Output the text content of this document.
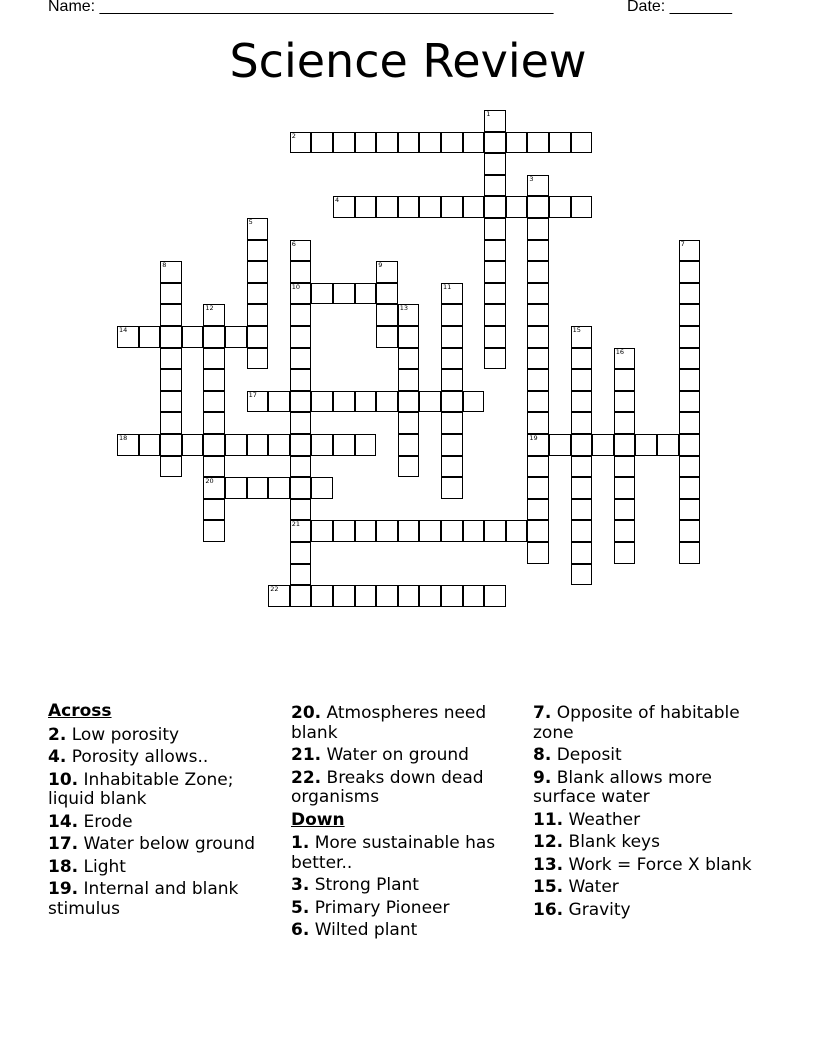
Name: ___________________________________________________	Date: _______
Science Review
1
2
3
4
5
6	7
8	9
10	11
12	13
14	15
16
17
18	19
20
21
22
Across
2. Low porosity
4. Porosity allows..
10. Inhabitable Zone; liquid blank
14. Erode
17. Water below ground
18. Light
19. Internal and blank stimulus
20. Atmospheres need blank
21. Water on ground
22. Breaks down dead organisms
Down
1. More sustainable has better..
3. Strong Plant
5. Primary Pioneer
6. Wilted plant
7. Opposite of habitable zone
8. Deposit
9. Blank allows more surface water
11. Weather
12. Blank keys
13. Work = Force X blank
15. Water
16. Gravity
